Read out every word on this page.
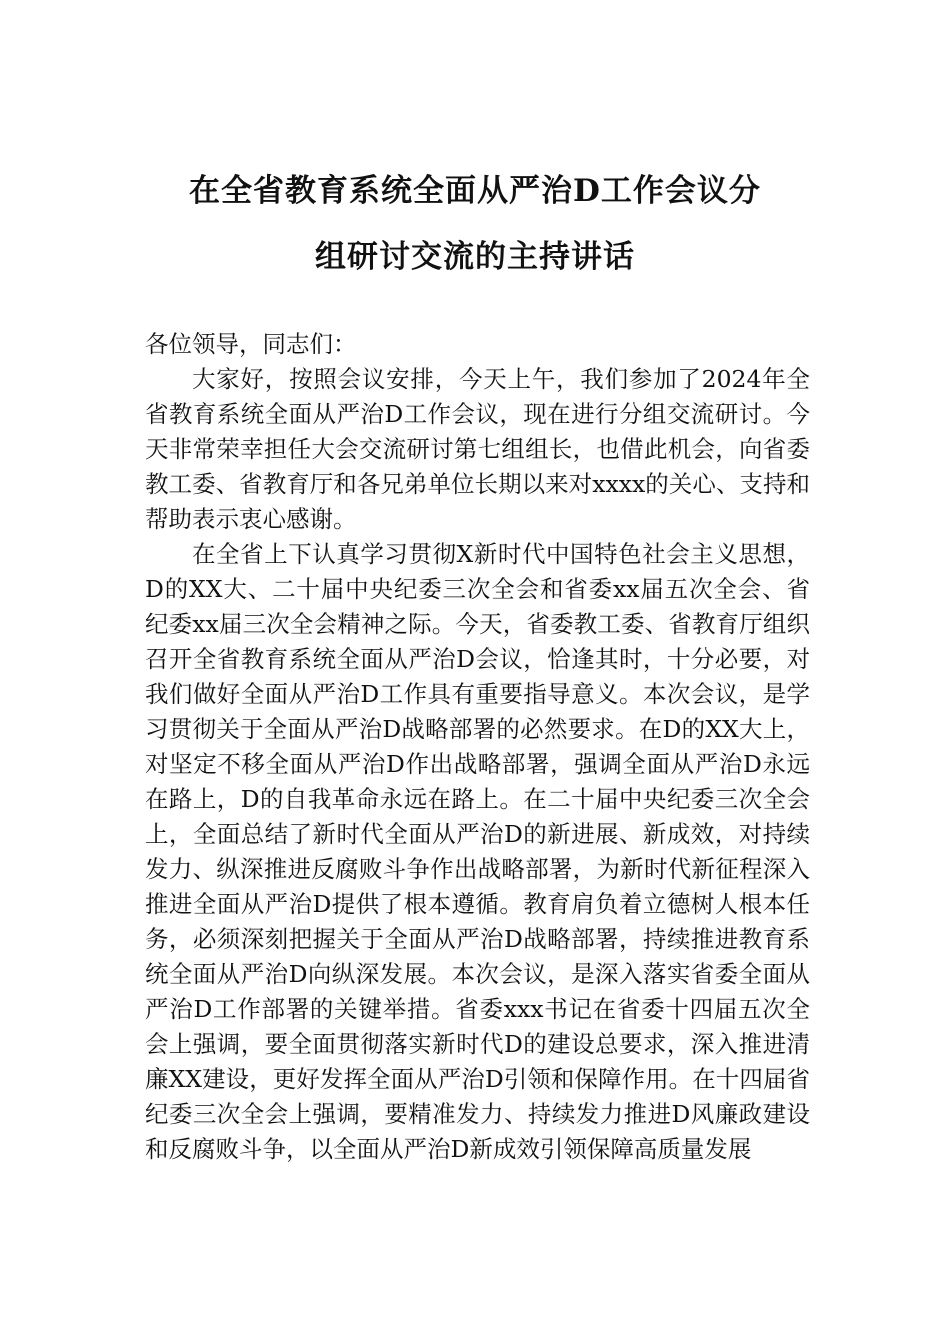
在全省教育系统全面从严治D工作会议分
组研讨交流的主持讲话

各位领导，同志们：

大家好，按照会议安排，今天上午，我们参加了2024年全省教育系统全面从严治D工作会议，现在进行分组交流研讨。今天非常荣幸担任大会交流研讨第七组组长，也借此机会，向省委教工委、省教育厅和各兄弟单位长期以来对xxxx的关心、支持和帮助表示衷心感谢。

在全省上下认真学习贯彻X新时代中国特色社会主义思想，D的XX大、二十届中央纪委三次全会和省委xx届五次全会、省纪委xx届三次全会精神之际。今天，省委教工委、省教育厅组织召开全省教育系统全面从严治D会议，恰逢其时，十分必要，对我们做好全面从严治D工作具有重要指导意义。本次会议，是学习贯彻关于全面从严治D战略部署的必然要求。在D的XX大上，对坚定不移全面从严治D作出战略部署，强调全面从严治D永远在路上，D的自我革命永远在路上。在二十届中央纪委三次全会上，全面总结了新时代全面从严治D的新进展、新成效，对持续发力、纵深推进反腐败斗争作出战略部署，为新时代新征程深入推进全面从严治D提供了根本遵循。教育肩负着立德树人根本任务，必须深刻把握关于全面从严治D战略部署，持续推进教育系统全面从严治D向纵深发展。本次会议，是深入落实省委全面从严治D工作部署的关键举措。省委xxx书记在省委十四届五次全会上强调，要全面贯彻落实新时代D的建设总要求，深入推进清廉XX建设，更好发挥全面从严治D引领和保障作用。在十四届省纪委三次全会上强调，要精准发力、持续发力推进D风廉政建设和反腐败斗争，以全面从严治D新成效引领保障高质量发展
